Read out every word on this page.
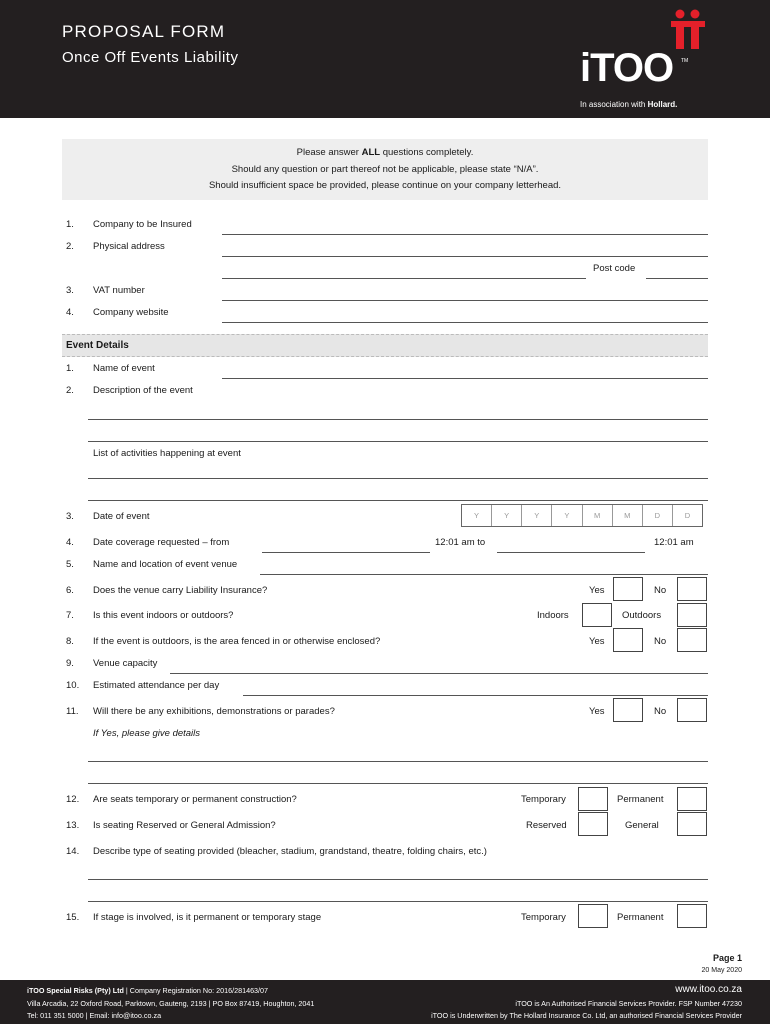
PROPOSAL FORM
Once Off Events Liability	iTOO TM
In association with Hollard.

Please answer ALL questions completely.

Should any question or part thereof not be applicable, please state “N/A”.

Should insufficient space be provided, please continue on your company letterhead.

1. Company to be Insured
2. Physical address
Post code
3. VAT number
4. Company website
Event Details
1. Name of event
2. Description of the event
List of activities happening at event
3. Date of event	Y	Y	Y	Y	M	M	D	D
4. Date coverage requested – from	12:01 am to	12:01 am
5. Name and location of event venue
6. Does the venue carry Liability Insurance?	Yes	No
7. Is this event indoors or outdoors?	Indoors	Outdoors
8. If the event is outdoors, is the area fenced in or otherwise enclosed?	Yes	No
9. Venue capacity
10. Estimated attendance per day
11. Will there be any exhibitions, demonstrations or parades?	Yes	No
If Yes, please give details
12. Are seats temporary or permanent construction?	Temporary	Permanent
13. Is seating Reserved or General Admission?	Reserved	General
14. Describe type of seating provided (bleacher, stadium, grandstand, theatre, folding chairs, etc.)
15. If stage is involved, is it permanent or temporary stage	Temporary	Permanent
Page 1
20 May 2020
iTOO Special Risks (Pty) Ltd | Company Registration No: 2016/281463/07
Villa Arcadia, 22 Oxford Road, Parktown, Gauteng, 2193 | PO Box 87419, Houghton, 2041
Tel: 011 351 5000 | Email: info@itoo.co.za
www.itoo.co.za
iTOO is An Authorised Financial Services Provider. FSP Number 47230
iTOO is Underwritten by The Hollard Insurance Co. Ltd, an authorised Financial Services Provider
